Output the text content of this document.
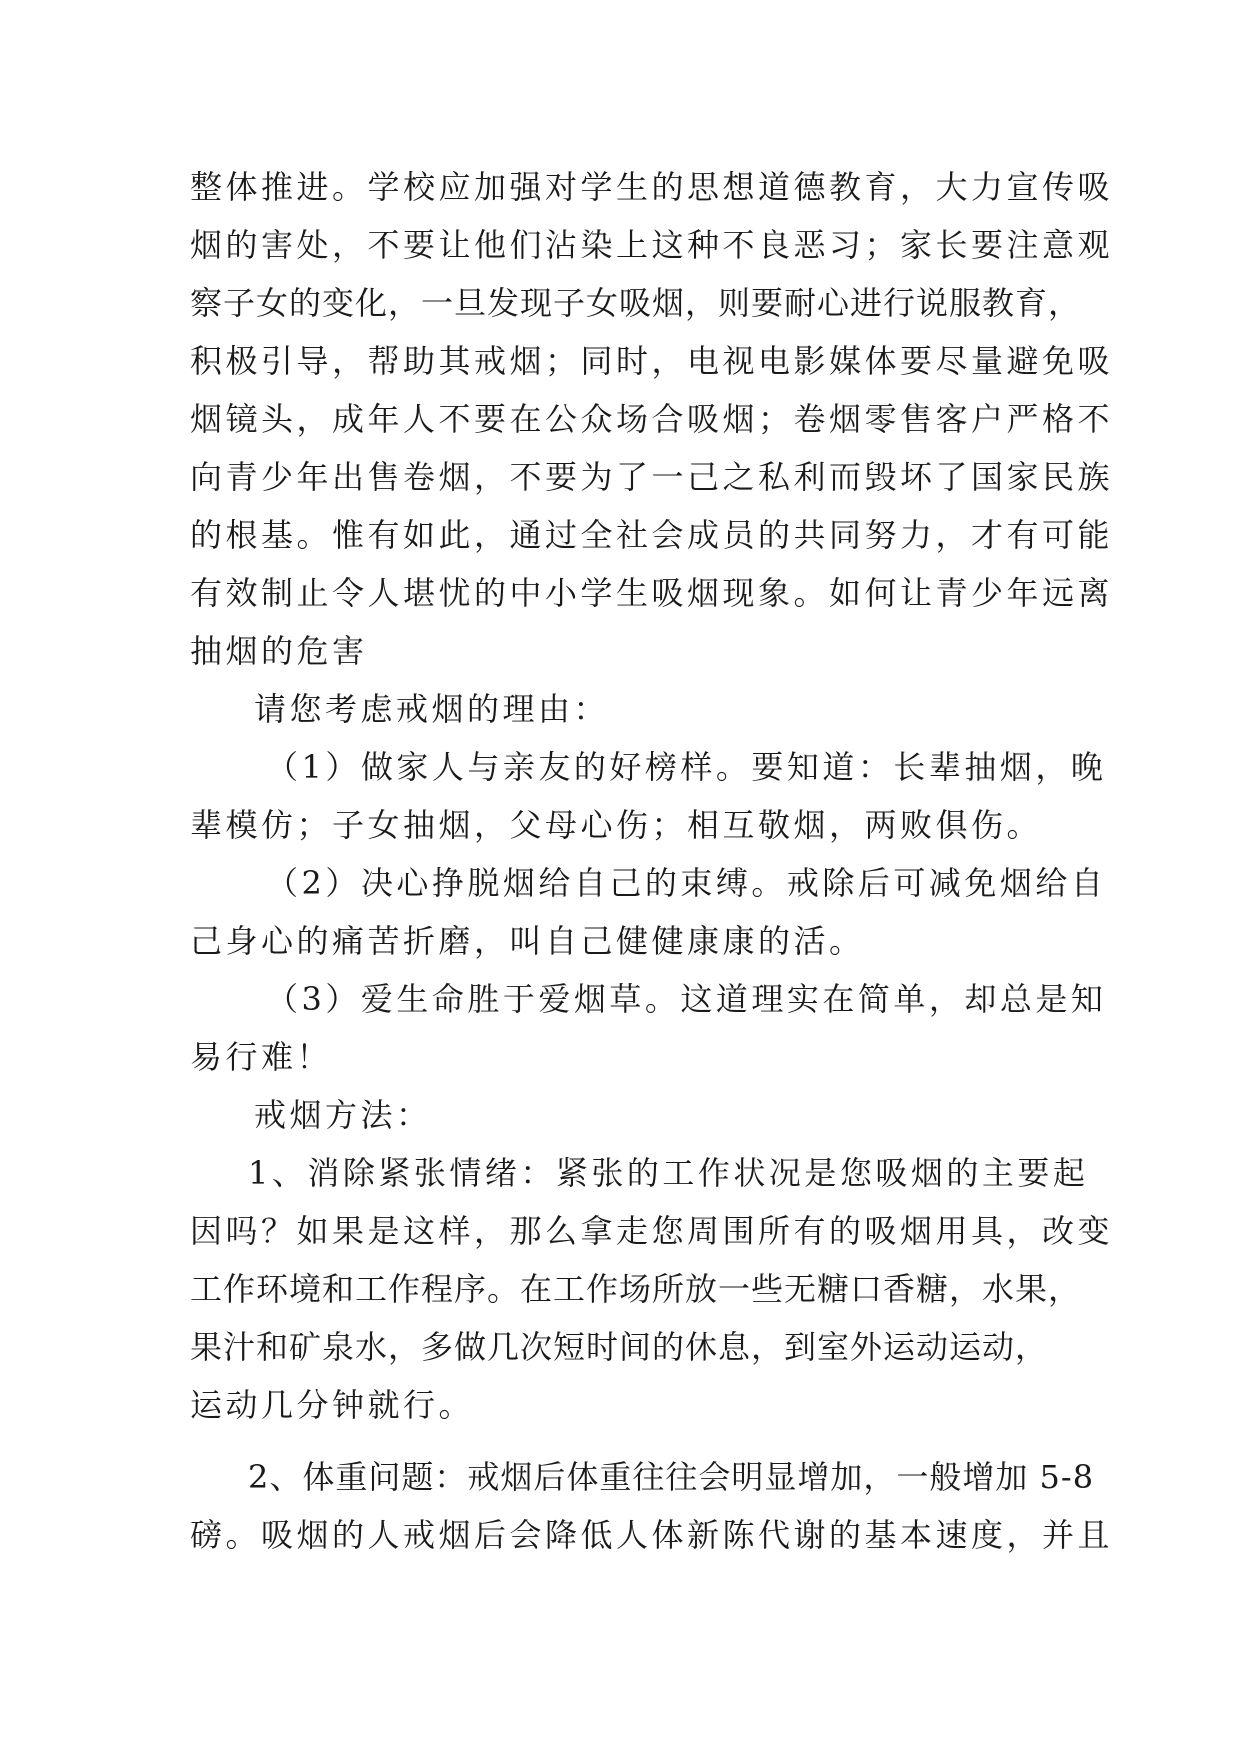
整体推进。学校应加强对学生的思想道德教育，大力宣传吸
烟的害处，不要让他们沾染上这种不良恶习；家长要注意观
察子女的变化，一旦发现子女吸烟，则要耐心进行说服教育，
积极引导，帮助其戒烟；同时，电视电影媒体要尽量避免吸
烟镜头，成年人不要在公众场合吸烟；卷烟零售客户严格不
向青少年出售卷烟，不要为了一己之私利而毁坏了国家民族
的根基。惟有如此，通过全社会成员的共同努力，才有可能
有效制止令人堪忧的中小学生吸烟现象。如何让青少年远离
抽烟的危害
请您考虑戒烟的理由：
（1）做家人与亲友的好榜样。要知道：长辈抽烟，晚
辈模仿；子女抽烟，父母心伤；相互敬烟，两败俱伤。
（2）决心挣脱烟给自己的束缚。戒除后可减免烟给自
己身心的痛苦折磨，叫自己健健康康的活。
（3）爱生命胜于爱烟草。这道理实在简单，却总是知
易行难！
戒烟方法：
1、消除紧张情绪：紧张的工作状况是您吸烟的主要起
因吗？如果是这样，那么拿走您周围所有的吸烟用具，改变
工作环境和工作程序。在工作场所放一些无糖口香糖，水果，
果汁和矿泉水，多做几次短时间的休息，到室外运动运动，
运动几分钟就行。
2、体重问题：戒烟后体重往往会明显增加，一般增加 5-8
磅。吸烟的人戒烟后会降低人体新陈代谢的基本速度，并且
